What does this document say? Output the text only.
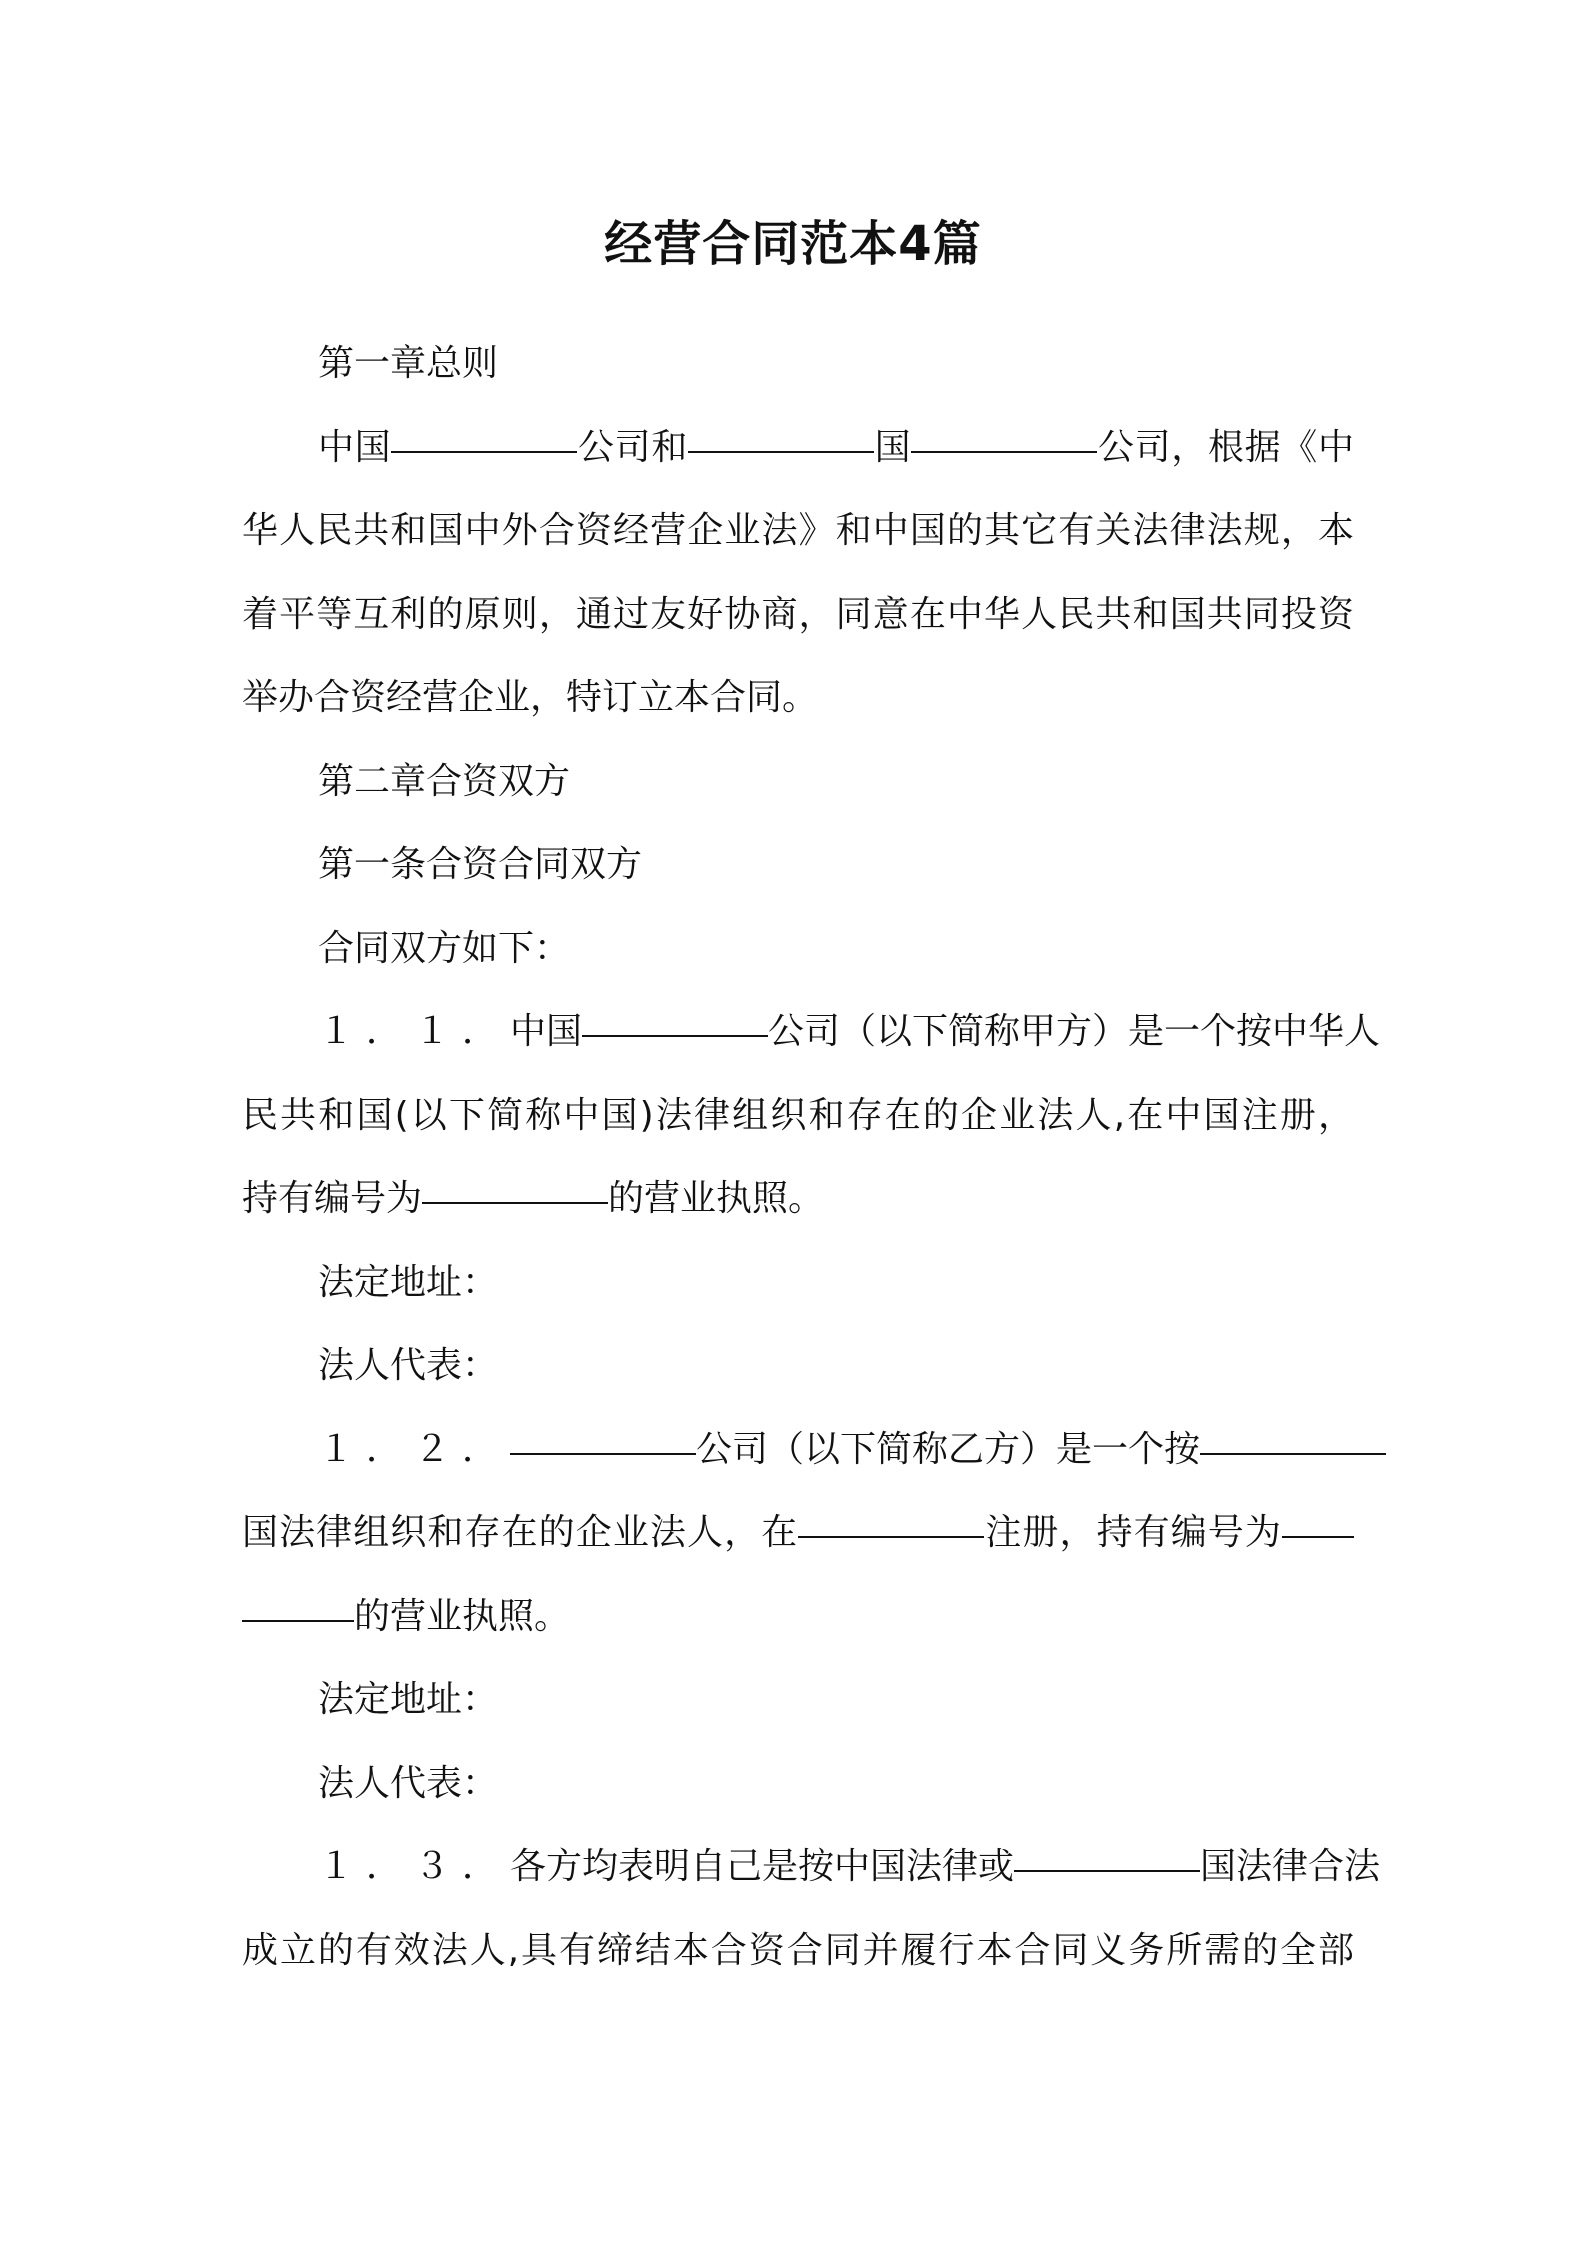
经营合同范本4篇
第一章总则
中国	公司和	国	公司，根据《中
华人民共和国中外合资经营企业法》和中国的其它有关法律法规，本
着平等互利的原则，通过友好协商，同意在中华人民共和国共同投资
举办合资经营企业，特订立本合同。
第二章合资双方
第一条合资合同双方
合同双方如下：
１．１．中国	公司（以下简称甲方）是一个按中华人
民共和国(以下简称中国)法律组织和存在的企业法人,在中国注册，
持有编号为	的营业执照。
法定地址：
法人代表：
１．２．	公司（以下简称乙方）是一个按
国法律组织和存在的企业法人，在	注册，持有编号为
的营业执照。
法定地址：
法人代表：
１．３．各方均表明自己是按中国法律或	国法律合法
成立的有效法人,具有缔结本合资合同并履行本合同义务所需的全部
